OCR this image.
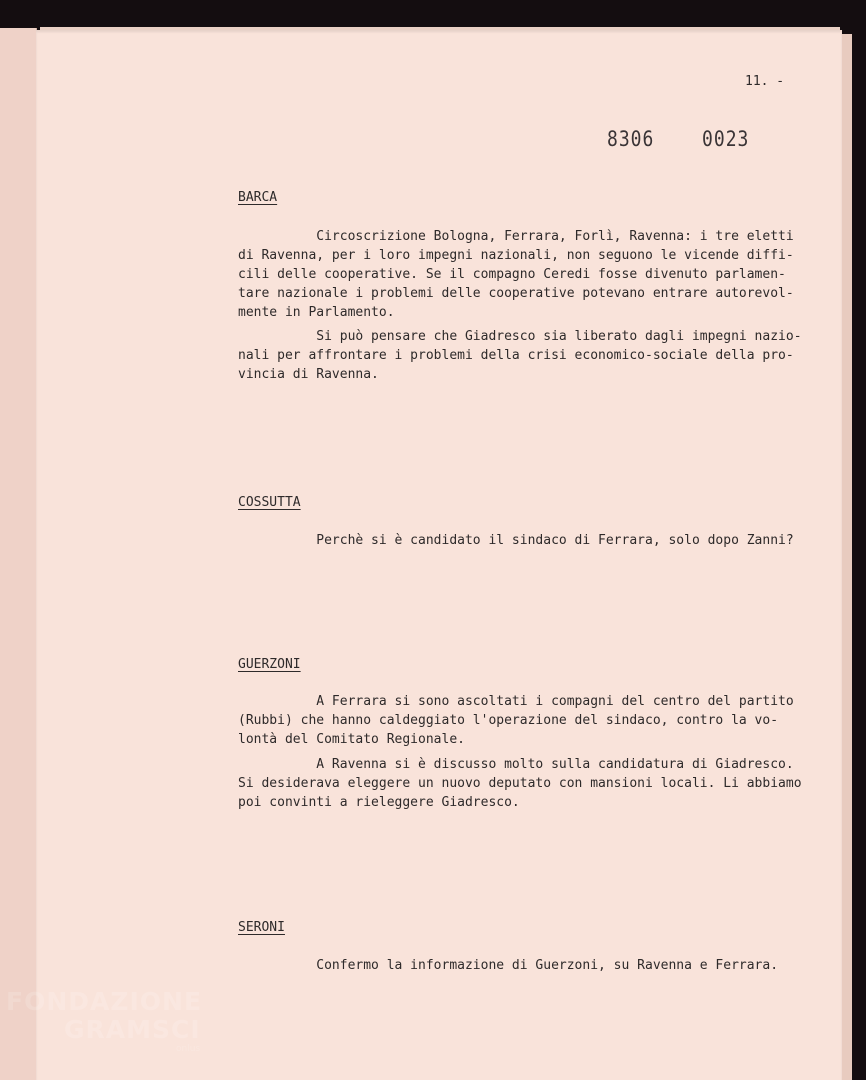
11. -
8306  0023
BARCA

Circoscrizione Bologna, Ferrara, Forlì, Ravenna: i tre eletti
di Ravenna, per i loro impegni nazionali, non seguono le vicende diffi-
cili delle cooperative. Se il compagno Ceredi fosse divenuto parlamen-
tare nazionale i problemi delle cooperative potevano entrare autorevol-
mente in Parlamento.

Si può pensare che Giadresco sia liberato dagli impegni nazio-
nali per affrontare i problemi della crisi economico-sociale della pro-
vincia di Ravenna.

COSSUTTA

Perchè si è candidato il sindaco di Ferrara, solo dopo Zanni?

GUERZONI

A Ferrara si sono ascoltati i compagni del centro del partito
(Rubbi) che hanno caldeggiato l'operazione del sindaco, contro la vo-
lontà del Comitato Regionale.

A Ravenna si è discusso molto sulla candidatura di Giadresco.
Si desiderava eleggere un nuovo deputato con mansioni locali. Li abbiamo
poi convinti a rieleggere Giadresco.

SERONI

Confermo la informazione di Guerzoni, su Ravenna e Ferrara.

FONDAZIONE
GRAMSCI
onlus
